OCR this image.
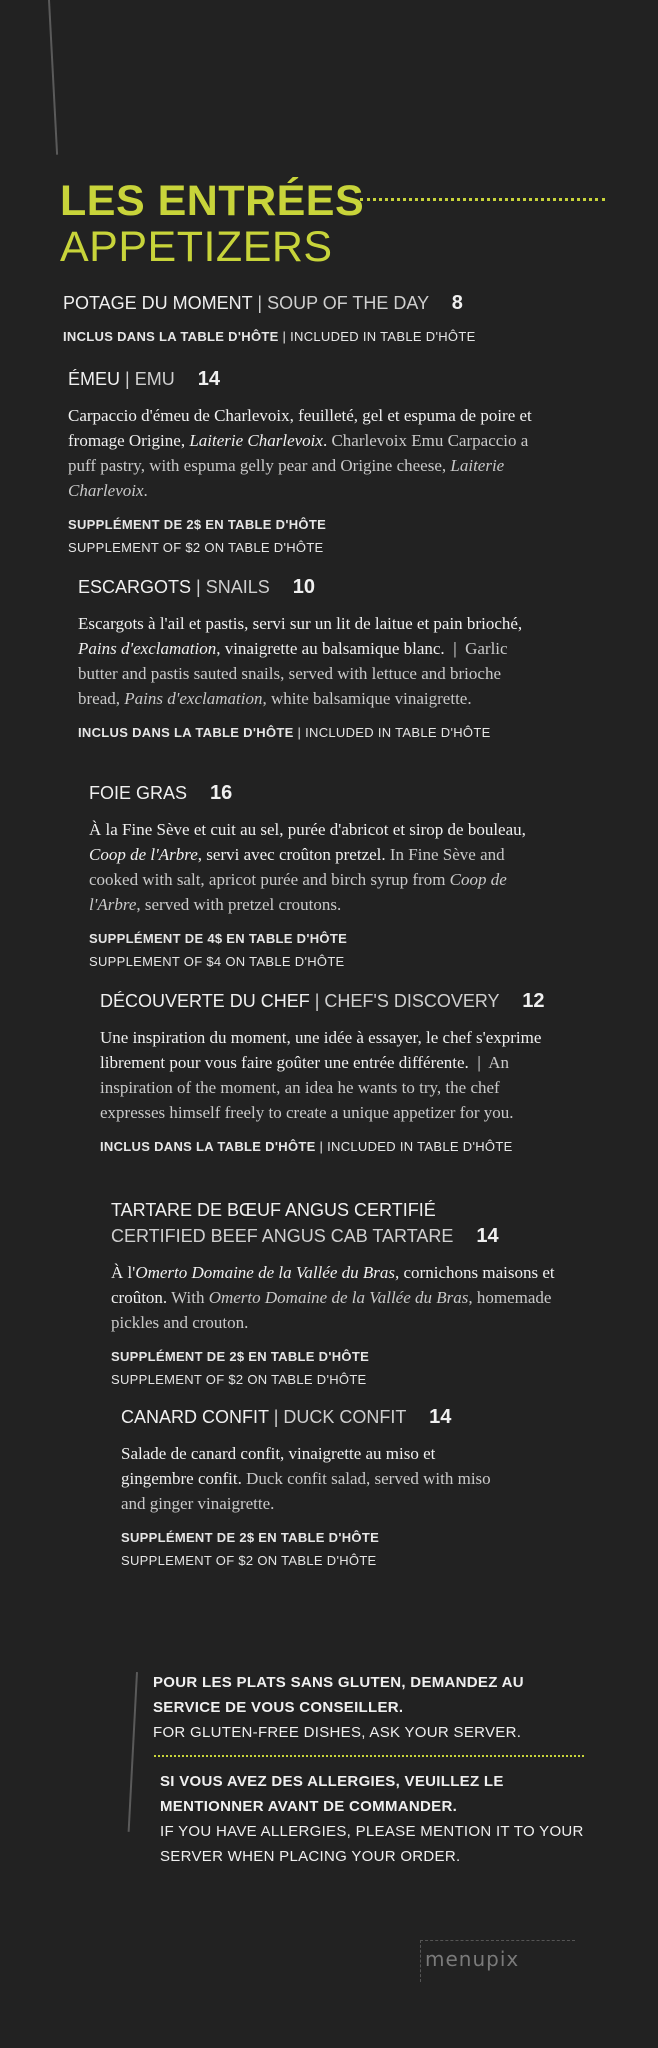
LES ENTRÉES
APPETIZERS
POTAGE DU MOMENT | SOUP OF THE DAY 8
INCLUS DANS LA TABLE D'HÔTE | INCLUDED IN TABLE D'HÔTE
ÉMEU | EMU 14
Carpaccio d'émeu de Charlevoix, feuilleté, gel et espuma de poire et fromage Origine, Laiterie Charlevoix. Charlevoix Emu Carpaccio a puff pastry, with espuma gelly pear and Origine cheese, Laiterie Charlevoix.
SUPPLÉMENT DE 2$ EN TABLE D'HÔTE
SUPPLEMENT OF $2 ON TABLE D'HÔTE
ESCARGOTS | SNAILS 10
Escargots à l'ail et pastis, servi sur un lit de laitue et pain brioché, Pains d'exclamation, vinaigrette au balsamique blanc.  |  Garlic butter and pastis sauted snails, served with lettuce and brioche bread, Pains d'exclamation, white balsamique vinaigrette.
INCLUS DANS LA TABLE D'HÔTE | INCLUDED IN TABLE D'HÔTE
FOIE GRAS 16
À la Fine Sève et cuit au sel, purée d'abricot et sirop de bouleau, Coop de l'Arbre, servi avec croûton pretzel. In Fine Sève and cooked with salt, apricot purée and birch syrup from Coop de l'Arbre, served with pretzel croutons.
SUPPLÉMENT DE 4$ EN TABLE D'HÔTE
SUPPLEMENT OF $4 ON TABLE D'HÔTE
DÉCOUVERTE DU CHEF | CHEF'S DISCOVERY 12
Une inspiration du moment, une idée à essayer, le chef s'exprime librement pour vous faire goûter une entrée différente.  |  An inspiration of the moment, an idea he wants to try, the chef expresses himself freely to create a unique appetizer for you.
INCLUS DANS LA TABLE D'HÔTE | INCLUDED IN TABLE D'HÔTE
TARTARE DE BŒUF ANGUS CERTIFIÉ
CERTIFIED BEEF ANGUS CAB TARTARE 14
À l'Omerto Domaine de la Vallée du Bras, cornichons maisons et croûton. With Omerto Domaine de la Vallée du Bras, homemade pickles and crouton.
SUPPLÉMENT DE 2$ EN TABLE D'HÔTE
SUPPLEMENT OF $2 ON TABLE D'HÔTE
CANARD CONFIT | DUCK CONFIT 14
Salade de canard confit, vinaigrette au miso et gingembre confit. Duck confit salad, served with miso and ginger vinaigrette.
SUPPLÉMENT DE 2$ EN TABLE D'HÔTE
SUPPLEMENT OF $2 ON TABLE D'HÔTE
POUR LES PLATS SANS GLUTEN, DEMANDEZ AU SERVICE DE VOUS CONSEILLER.
FOR GLUTEN-FREE DISHES, ASK YOUR SERVER.
SI VOUS AVEZ DES ALLERGIES, VEUILLEZ LE MENTIONNER AVANT DE COMMANDER.
IF YOU HAVE ALLERGIES, PLEASE MENTION IT TO YOUR SERVER WHEN PLACING YOUR ORDER.
menupix
